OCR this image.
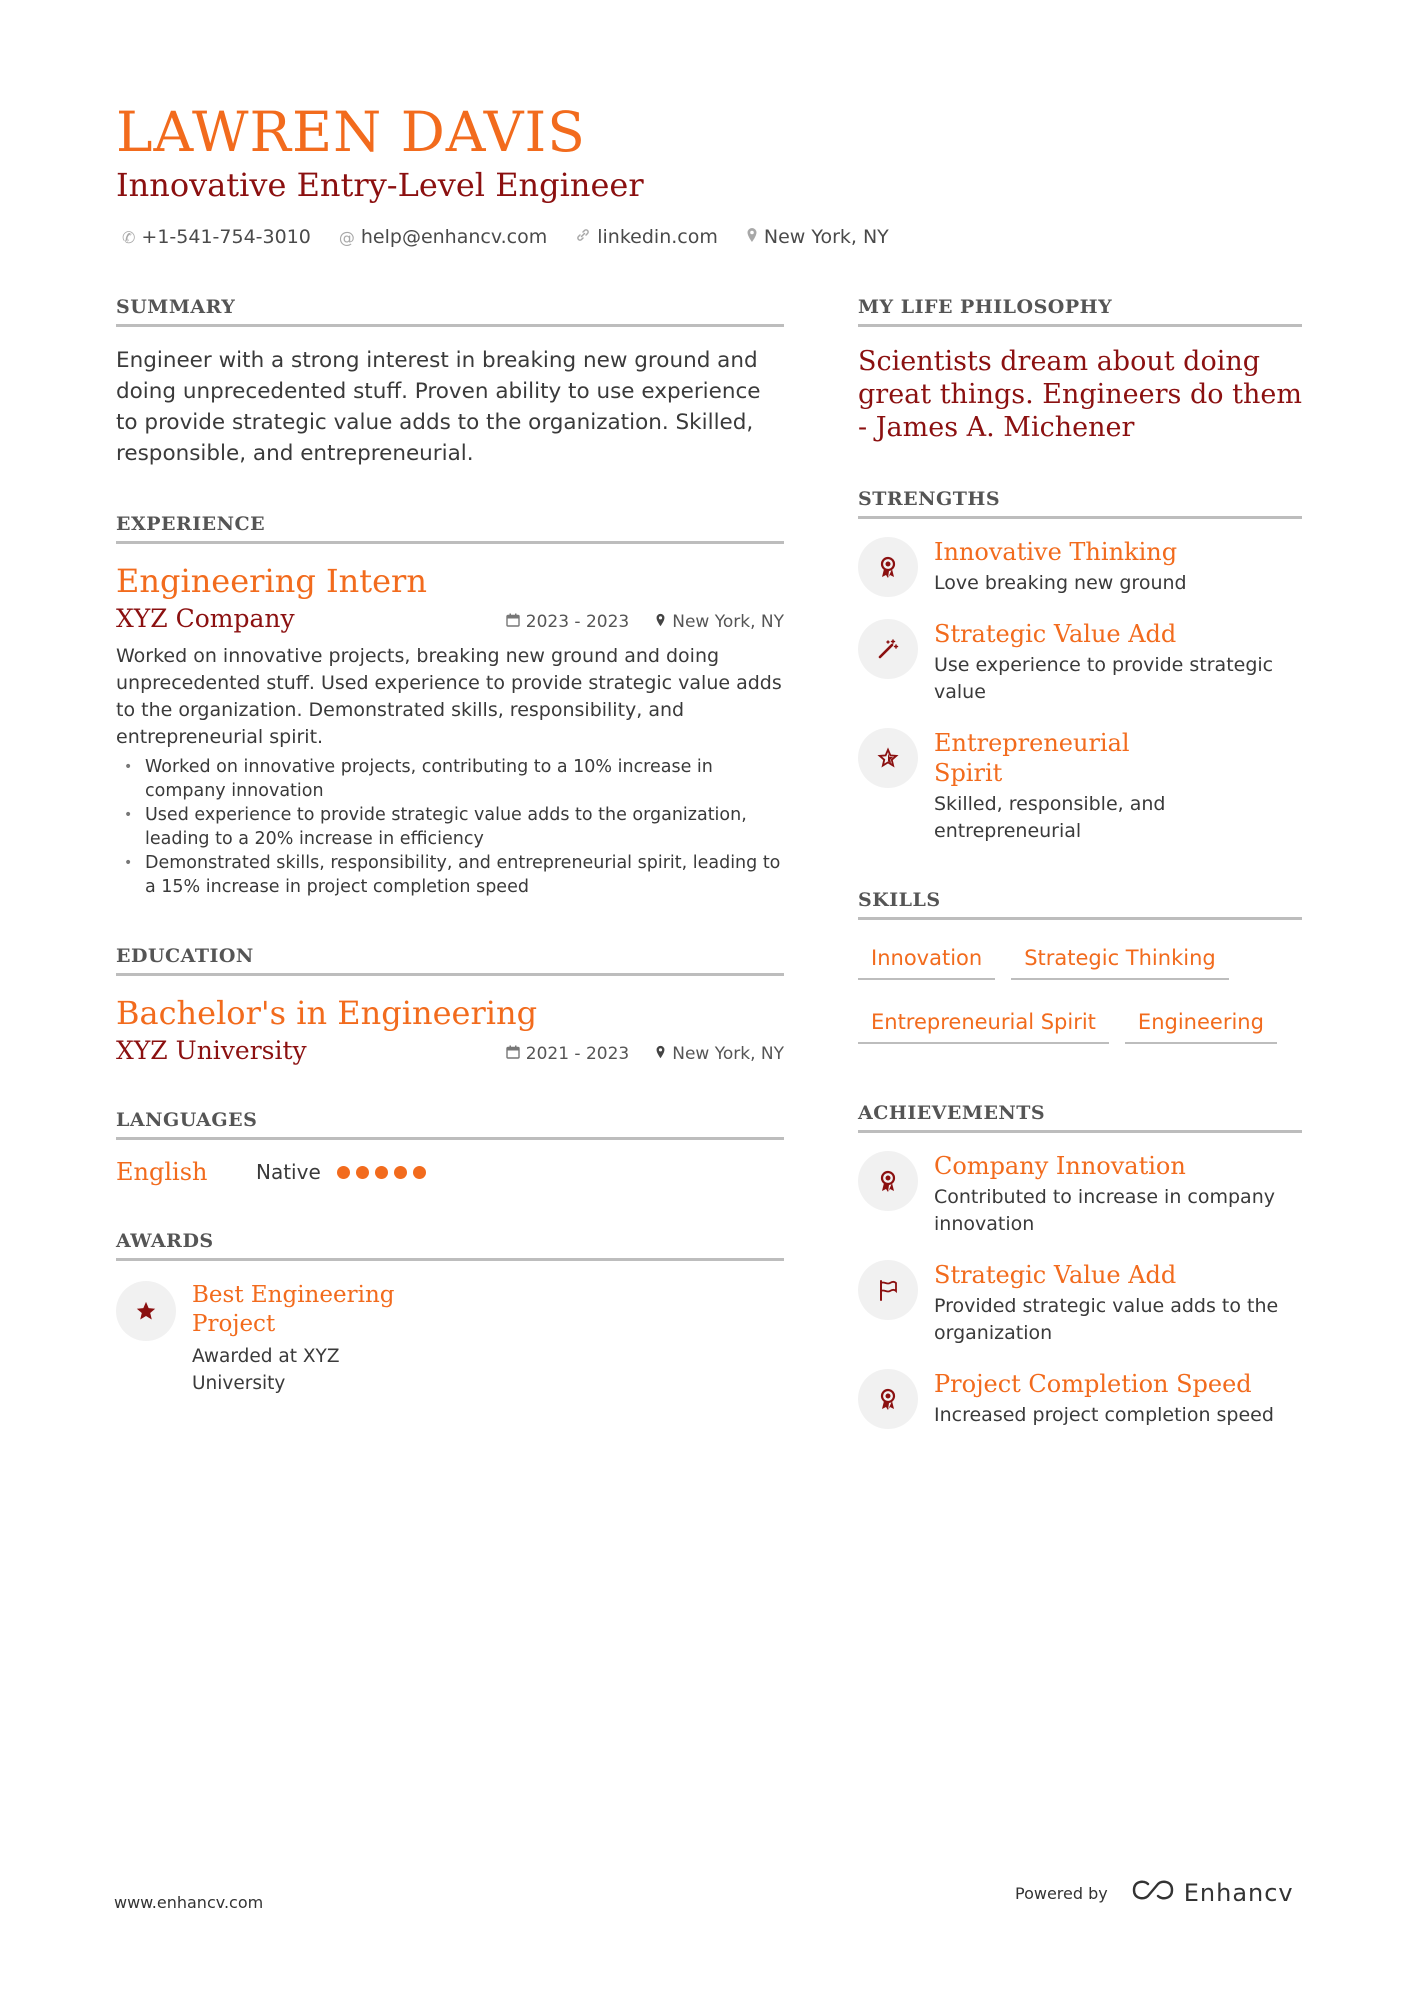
LAWREN DAVIS
Innovative Entry-Level Engineer
✆ +1-541-754-3010 @ help@enhancv.com	linkedin.com New York, NY
SUMMARY

Engineer with a strong interest in breaking new ground and doing unprecedented stuff. Proven ability to use experience to provide strategic value adds to the organization. Skilled, responsible, and entrepreneurial.

EXPERIENCE
Engineering Intern
XYZ Company	2023 - 2023	New York, NY

Worked on innovative projects, breaking new ground and doing unprecedented stuff. Used experience to provide strategic value adds to the organization. Demonstrated skills, responsibility, and entrepreneurial spirit.

• Worked on innovative projects, contributing to a 10% increase in company innovation
• Used experience to provide strategic value adds to the organization, leading to a 20% increase in efficiency
• Demonstrated skills, responsibility, and entrepreneurial spirit, leading to a 15% increase in project completion speed
EDUCATION
Bachelor's in Engineering
XYZ University	2021 - 2023	New York, NY
LANGUAGES
English	Native
AWARDS
Best Engineering Project
Awarded at XYZ University
MY LIFE PHILOSOPHY

Scientists dream about doing great things. Engineers do them - James A. Michener

STRENGTHS
Innovative Thinking
Love breaking new ground
Strategic Value Add
Use experience to provide strategic value
Entrepreneurial Spirit
Skilled, responsible, and entrepreneurial
SKILLS
Innovation	Strategic Thinking
Entrepreneurial Spirit	Engineering
ACHIEVEMENTS
Company Innovation
Contributed to increase in company innovation
Strategic Value Add
Provided strategic value adds to the organization
Project Completion Speed
Increased project completion speed
www.enhancv.com	Powered by	Enhancv
